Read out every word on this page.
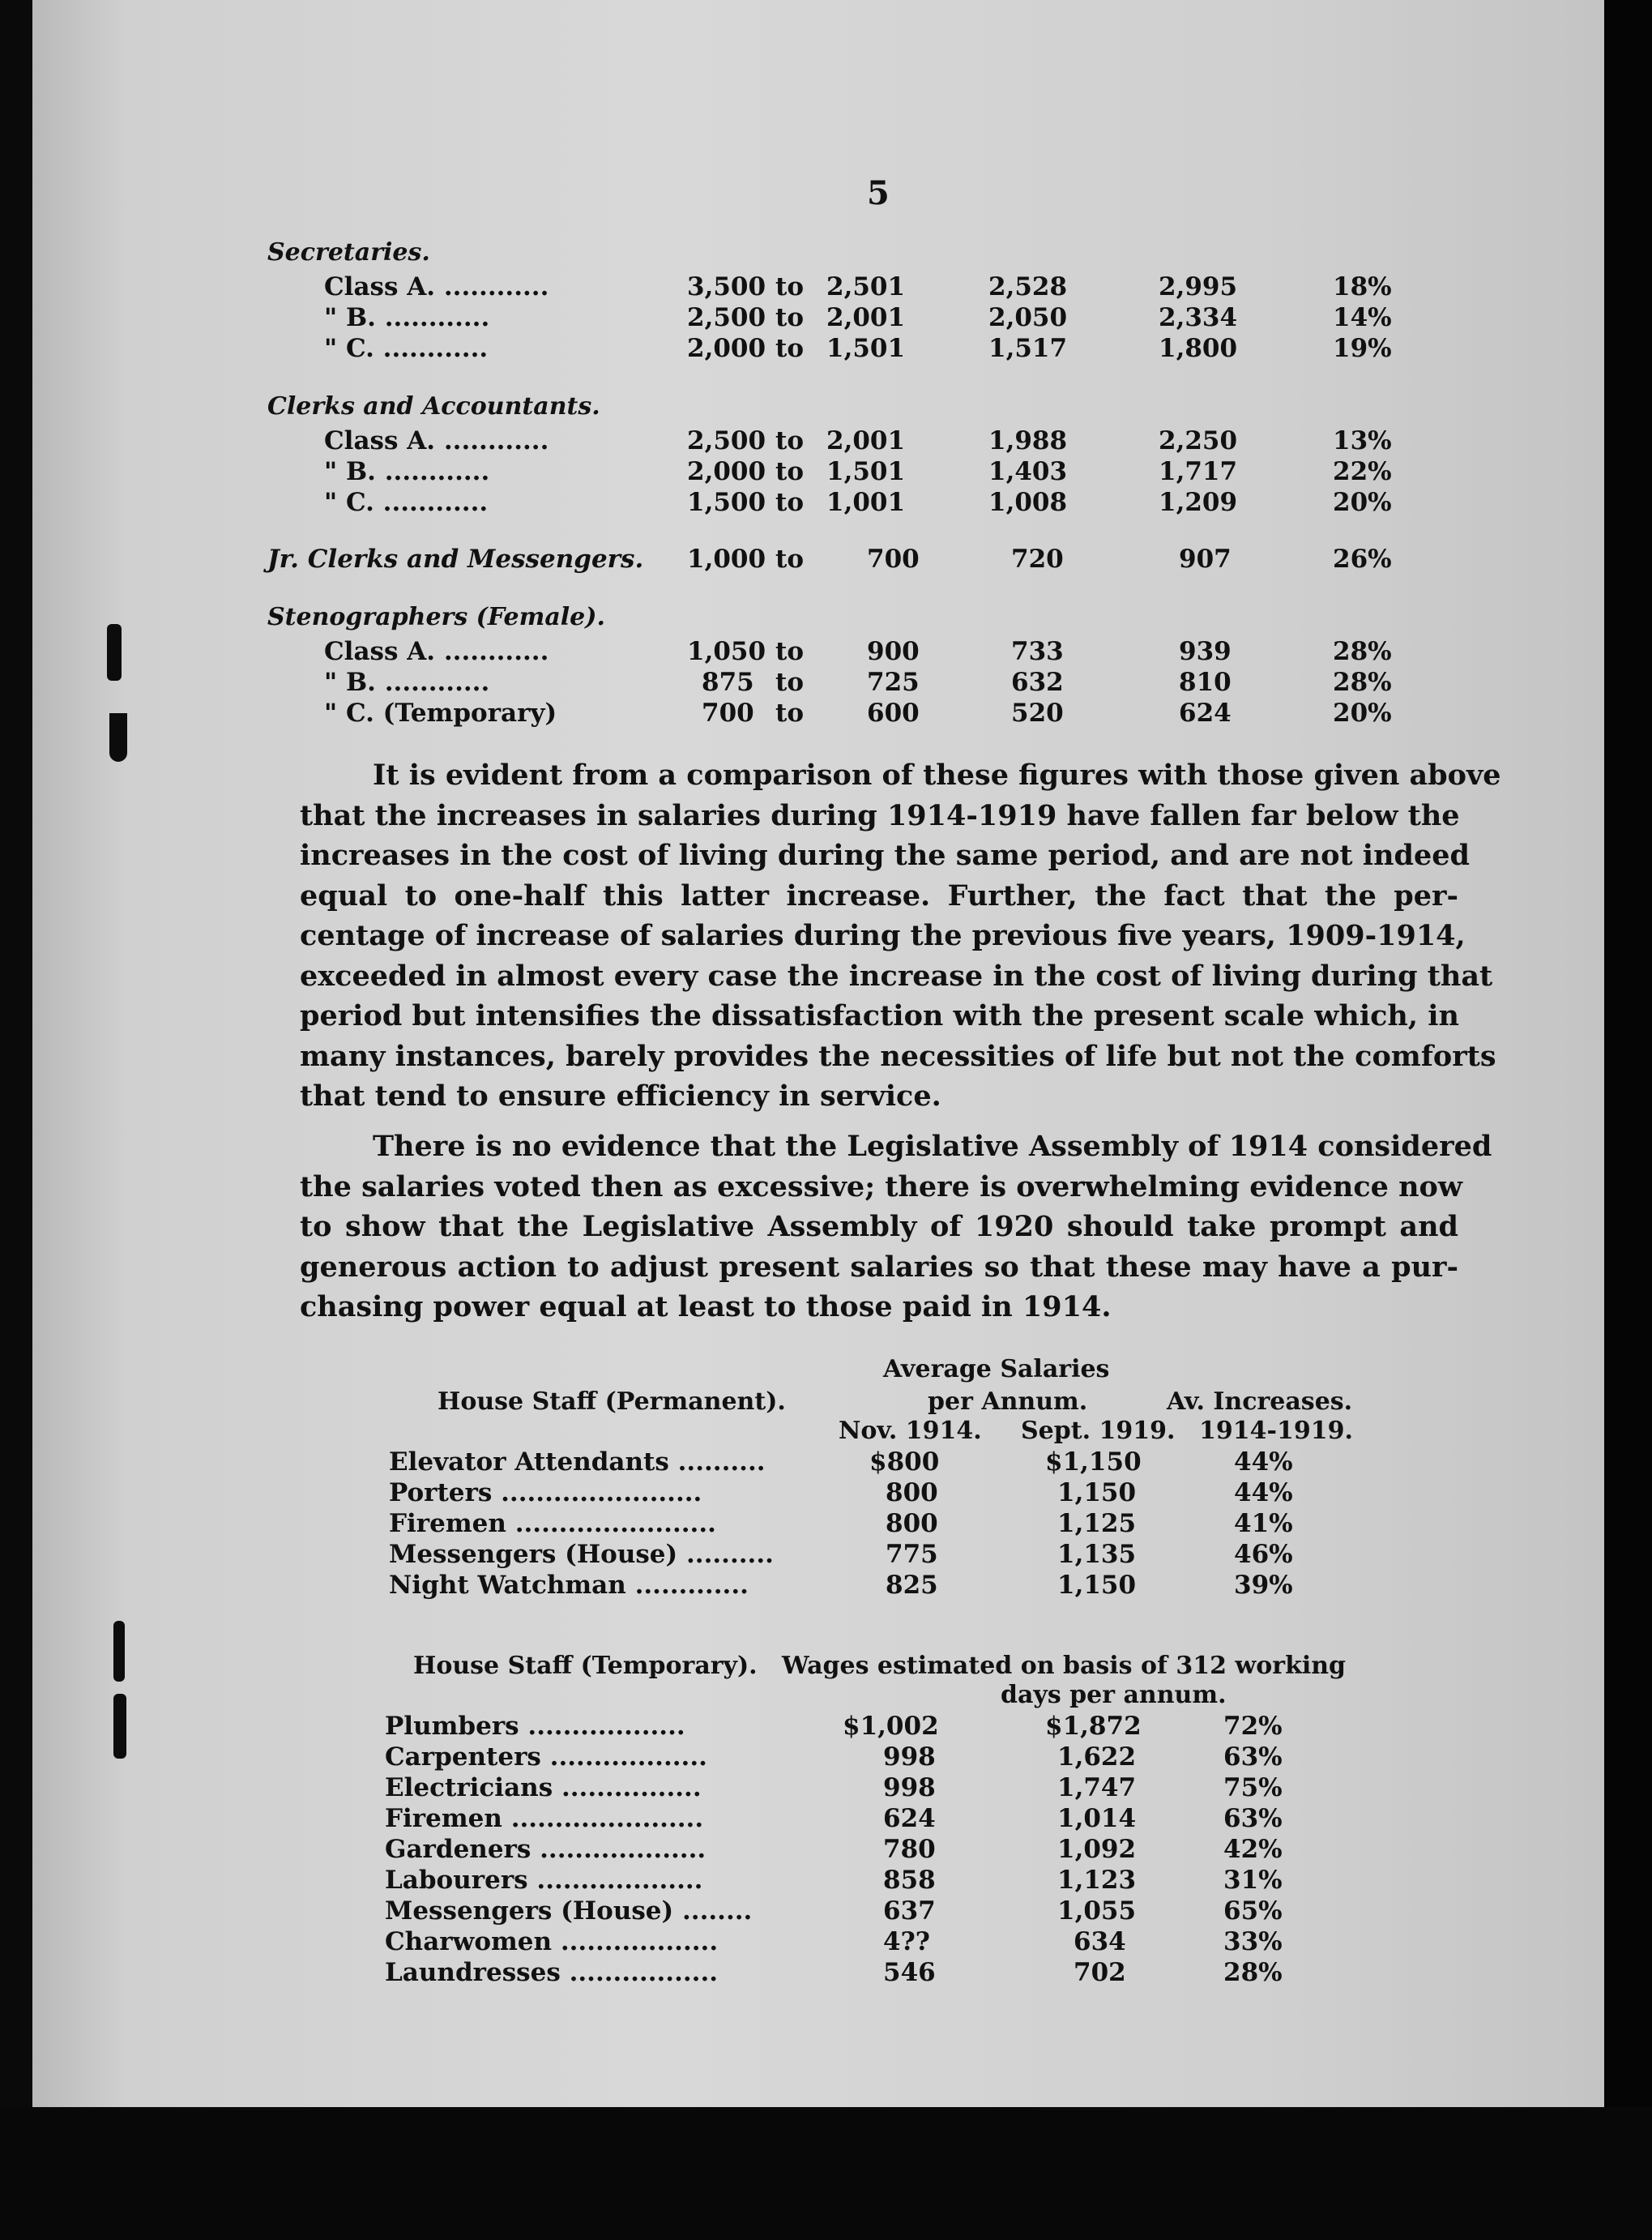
5
Secretaries.
Class A. ............	3,500 to 2,501	2,528	2,995	18%
" B. ............	2,500 to 2,001	2,050	2,334	14%
" C. ............	2,000 to 1,501	1,517	1,800	19%
Clerks and Accountants.
Class A. ............	2,500 to 2,001	1,988	2,250	13%
" B. ............	2,000 to 1,501	1,403	1,717	22%
" C. ............	1,500 to 1,001	1,008	1,209	20%
Jr. Clerks and Messengers. 1,000 to	700	720	907	26%
Stenographers (Female).
Class A. ............	1,050 to	900	733	939	28%
" B. ............	875 to	725	632	810	28%
" C. (Temporary)	700 to	600	520	624	20%
It is evident from a comparison of these figures with those given above
that the increases in salaries during 1914-1919 have fallen far below the
increases in the cost of living during the same period, and are not indeed
equal to one-half this latter increase. Further, the fact that the per-
centage of increase of salaries during the previous five years, 1909-1914,
exceeded in almost every case the increase in the cost of living during that
period but intensifies the dissatisfaction with the present scale which, in
many instances, barely provides the necessities of life but not the comforts
that tend to ensure efficiency in service.
There is no evidence that the Legislative Assembly of 1914 considered
the salaries voted then as excessive; there is overwhelming evidence now
to show that the Legislative Assembly of 1920 should take prompt and
generous action to adjust present salaries so that these may have a pur-
chasing power equal at least to those paid in 1914.
Average Salaries
House Staff (Permanent).	per Annum.	Av. Increases.
Nov. 1914. Sept. 1919. 1914-1919.
Elevator Attendants ..........	$800	$1,150	44%
Porters .......................	800	1,150	44%
Firemen .......................	800	1,125	41%
Messengers (House) ..........	775	1,135	46%
Night Watchman .............	825	1,150	39%
House Staff (Temporary). Wages estimated on basis of 312 working
days per annum.
Plumbers ..................	$1,002	$1,872	72%
Carpenters ..................	998	1,622	63%
Electricians ................	998	1,747	75%
Firemen ......................	624	1,014	63%
Gardeners ...................	780	1,092	42%
Labourers ...................	858	1,123	31%
Messengers (House) ........	637	1,055	65%
Charwomen ..................	4??	634	33%
Laundresses .................	546	702	28%
